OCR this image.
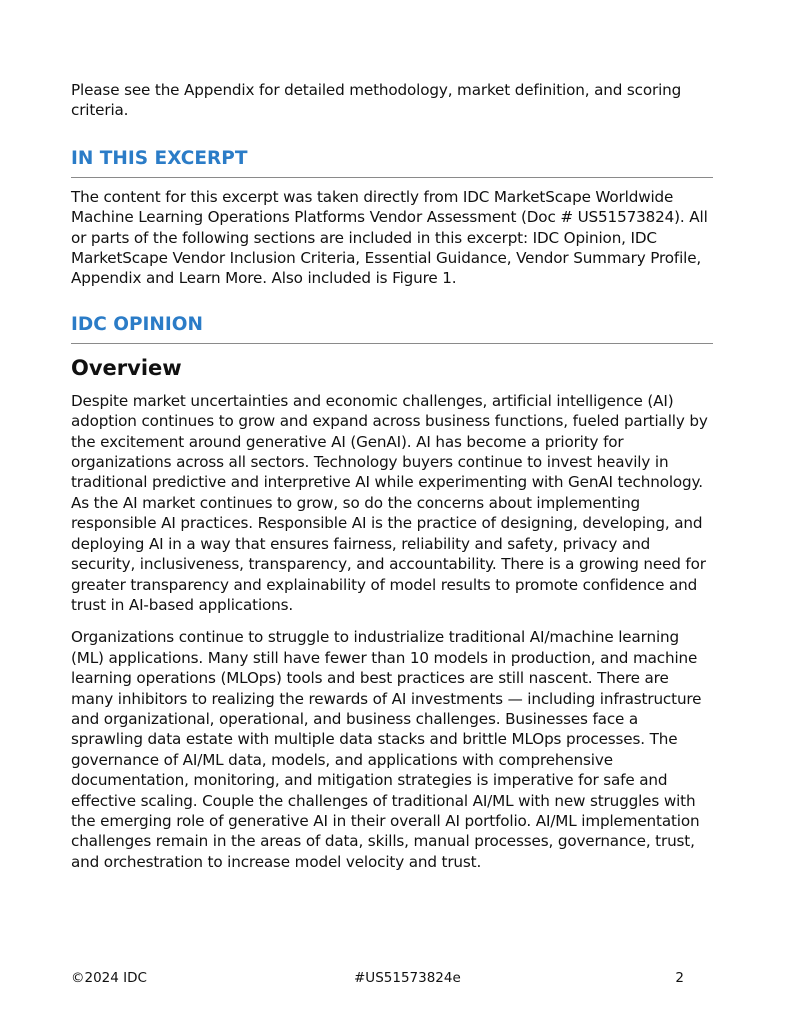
Please see the Appendix for detailed methodology, market definition, and scoring criteria.

IN THIS EXCERPT

The content for this excerpt was taken directly from IDC MarketScape Worldwide Machine Learning Operations Platforms Vendor Assessment (Doc # US51573824). All or parts of the following sections are included in this excerpt: IDC Opinion, IDC MarketScape Vendor Inclusion Criteria, Essential Guidance, Vendor Summary Profile, Appendix and Learn More. Also included is Figure 1.

IDC OPINION
Overview

Despite market uncertainties and economic challenges, artificial intelligence (AI) adoption continues to grow and expand across business functions, fueled partially by the excitement around generative AI (GenAI). AI has become a priority for organizations across all sectors. Technology buyers continue to invest heavily in traditional predictive and interpretive AI while experimenting with GenAI technology. As the AI market continues to grow, so do the concerns about implementing responsible AI practices. Responsible AI is the practice of designing, developing, and deploying AI in a way that ensures fairness, reliability and safety, privacy and security, inclusiveness, transparency, and accountability. There is a growing need for greater transparency and explainability of model results to promote confidence and trust in AI-based applications.

Organizations continue to struggle to industrialize traditional AI/machine learning (ML) applications. Many still have fewer than 10 models in production, and machine learning operations (MLOps) tools and best practices are still nascent. There are many inhibitors to realizing the rewards of AI investments — including infrastructure and organizational, operational, and business challenges. Businesses face a sprawling data estate with multiple data stacks and brittle MLOps processes. The governance of AI/ML data, models, and applications with comprehensive documentation, monitoring, and mitigation strategies is imperative for safe and effective scaling. Couple the challenges of traditional AI/ML with new struggles with the emerging role of generative AI in their overall AI portfolio. AI/ML implementation challenges remain in the areas of data, skills, manual processes, governance, trust, and orchestration to increase model velocity and trust.

©2024 IDC	#US51573824e	2
